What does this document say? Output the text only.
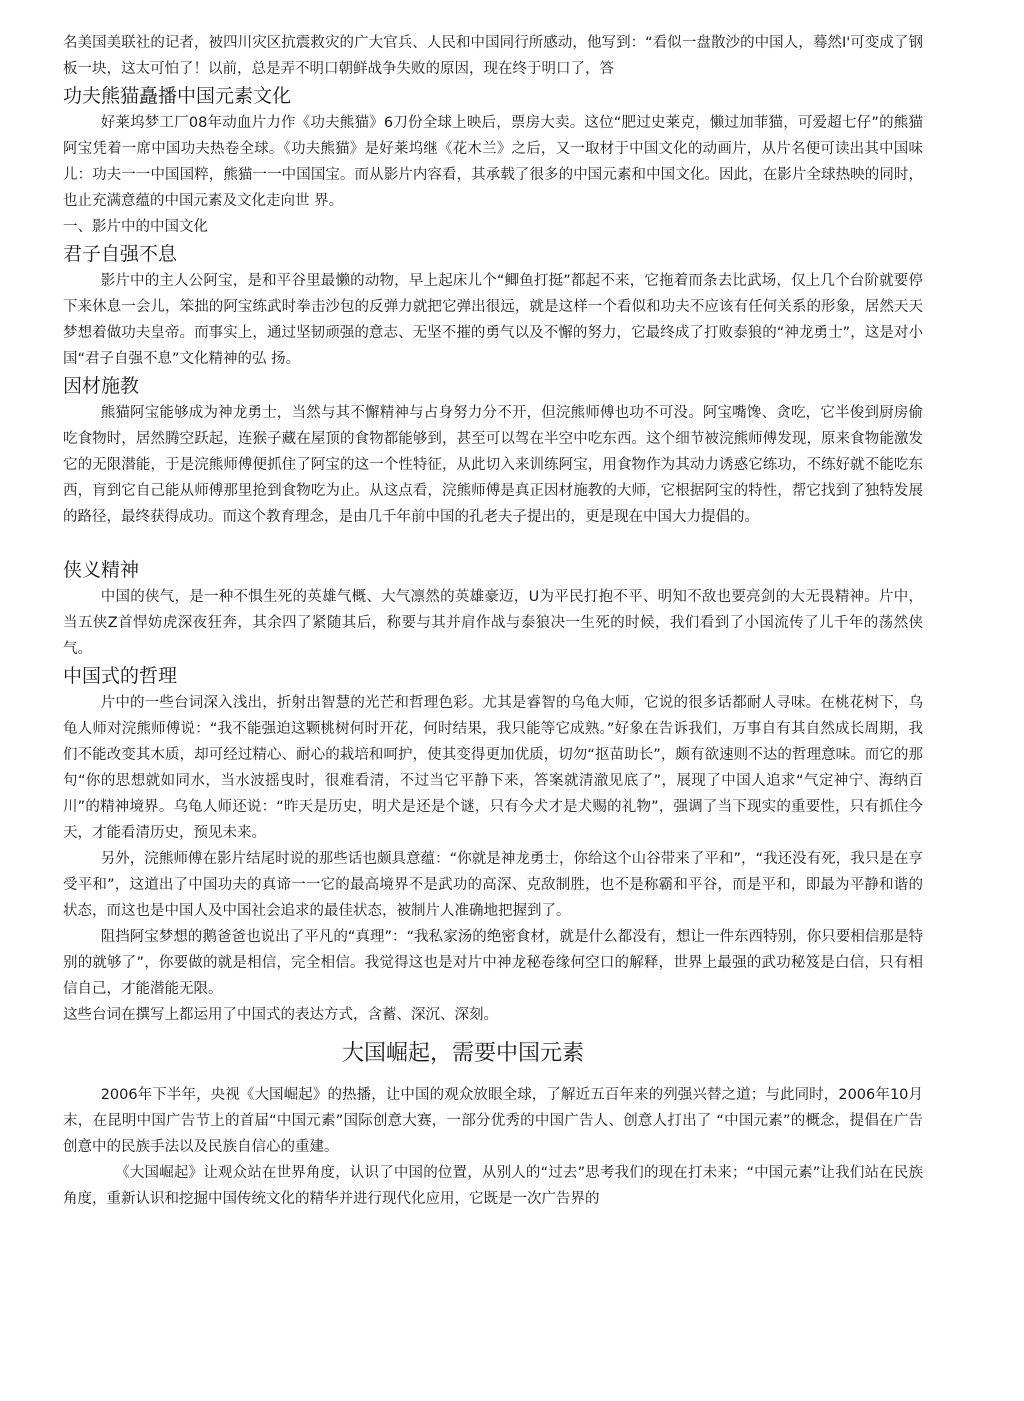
名美国美联社的记者，被四川灾区抗震救灾的广大官兵、人民和中国同行所感动，他写到：“看似一盘散沙的中国人，蓦然I'可变成了钢板一块，这太可怕了！以前，总是弄不明口朝鲜战争失败的原因，现在终于明口了，答

功夫熊猫矗播中国元素文化

好莱坞梦工厂08年动血片力作《功夫熊猫》6刀份全球上映后，票房大卖。这位“肥过史莱克，懒过加菲猫，可爱超七仔”的熊猫阿宝凭着一席中国功夫热卷全球。《功夫熊猫》是好莱坞继《花木兰》之后，又一取材于中国文化的动画片，从片名便可读出其中国味儿：功夫一一中国国粹，熊猫一一中国国宝。而从影片内容看，其承载了很多的中国元素和中国文化。因此，在影片全球热映的同时，也止充满意蕴的中国元素及文化走向世 界。

一、影片中的中国文化

君子自强不息

影片中的主人公阿宝，是和平谷里最懒的动物，早上起床儿个“鲫鱼打挺”都起不来，它拖着而条去比武场，仅上几个台阶就要停下来休息一会儿，笨拙的阿宝练武时拳击沙包的反弹力就把它弹出很远，就是这样一个看似和功夫不应该有任何关系的形象，居然天天梦想着做功夫皇帝。而事实上，通过坚韧顽强的意志、无坚不摧的勇气以及不懈的努力，它最终成了打败泰狼的“神龙勇士”，这是对小国“君子自强不息”文化精神的弘 扬。

因材施教

熊猫阿宝能够成为神龙勇士，当然与其不懈精神与占身努力分不开，但浣熊师傅也功不可没。阿宝嘴馋、贪吃，它半俊到厨房偷吃食物时，居然腾空跃起，连猴子藏在屋顶的食物都能够到，甚至可以驾在半空中吃东西。这个细节被浣熊师傅发现，原来食物能激发它的无限潜能，于是浣熊师傅便抓住了阿宝的这一个性特征，从此切入来训练阿宝，用食物作为其动力诱惑它练功，不练好就不能吃东西，肓到它自己能从师傅那里抢到食物吃为止。从这点看，浣熊师傅是真正因材施教的大师，它根据阿宝的特性，帮它找到了独特发展的路径，最终获得成功。而这个教育理念，是由几千年前中国的孔老夫子提出的，更是现在中国大力提倡的。

侠义精神

中国的侠气，是一种不惧生死的英雄气概、大气凛然的英雄豪迈，U为平民打抱不平、明知不敌也要亮剑的大无畏精神。片中，当五侠Z首悍妨虎深夜狂奔，其余四了紧随其后，称要与其并肩作战与泰狼决一生死的时候，我们看到了小国流传了儿千年的荡然侠气。

中国式的哲理

片中的一些台词深入浅出，折射出智慧的光芒和哲理色彩。尤其是睿智的乌龟大师，它说的很多话都耐人寻味。在桃花树下，乌龟人师对浣熊师傅说：“我不能强迫这颗桃树何时开花，何时结果，我只能等它成熟。”好象在告诉我们，万事自有其自然成长周期，我们不能改变其木质，却可经过精心、耐心的栽培和呵护，使其变得更加优质，切勿“抠苗助长”，颇有欲速则不达的哲理意味。而它的那句“你的思想就如同水，当水波摇曳时，很难看清，不过当它平静下来，答案就清澈见底了”，展现了中国人追求“气定神宁、海纳百川”的精神境界。乌龟人师还说：“昨天是历史，明犬是还是个谜，只有今犬才是犬赐的礼物”，强调了当下现实的重要性，只有抓住今天，才能看清历史，预见未来。

另外，浣熊师傅在影片结尾时说的那些话也颇具意蕴：“你就是神龙勇士，你给这个山谷带来了平和”，“我还没有死，我只是在亨受平和”，这道出了中国功夫的真谛一一它的最高境界不是武功的高深、克敌制胜，也不是称霸和平谷，而是平和，即最为平静和谐的状态，而这也是中国人及中国社会追求的最佳状态，被制片人准确地把握到了。

阻挡阿宝梦想的鹅爸爸也说出了平凡的“真理”：“我私家汤的绝密食材，就是什么都没有，想让一件东西特别，你只要相信那是特别的就够了”，你要做的就是相信，完全相信。我觉得这也是对片中神龙秘卷缘何空口的解释，世界上最强的武功秘笈是白信，只有相信自己，才能潜能无限。

这些台词在撰写上都运用了中国式的表达方式，含蓄、深沉、深刻。

大国崛起，需要中国元素

2006年下半年，央视《大国崛起》的热播，让中国的观众放眼全球，了解近五百年来的列强兴替之道；与此同时，2006年10月末，在昆明中国广告节上的首届“中国元素”国际创意大赛，一部分优秀的中国广告人、创意人打出了 “中国元素”的概念，提倡在广告创意中的民族手法以及民族自信心的重建。

《大国崛起》让观众站在世界角度，认识了中国的位置，从别人的“过去”思考我们的现在打未来；“中国元素”让我们站在民族角度，重新认识和挖掘中国传统文化的精华并进行现代化应用，它既是一次广告界的
